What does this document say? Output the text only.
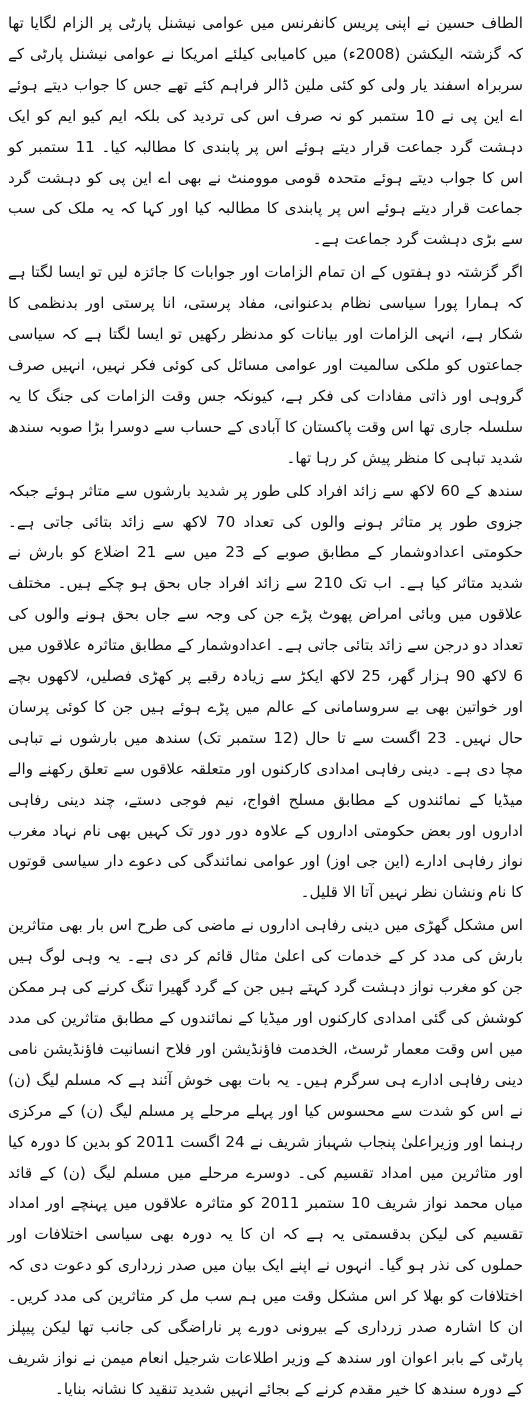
الطاف حسین نے اپنی پریس کانفرنس میں عوامی نیشنل پارٹی پر الزام لگایا تھا کہ گزشتہ الیکشن (2008ء) میں کامیابی کیلئے امریکا نے عوامی نیشنل پارٹی کے سربراہ اسفند یار ولی کو کئی ملین ڈالر فراہم کئے تھے جس کا جواب دیتے ہوئے اے این پی نے 10 ستمبر کو نہ صرف اس کی تردید کی بلکہ ایم کیو ایم کو ایک دہشت گرد جماعت قرار دیتے ہوئے اس پر پابندی کا مطالبہ کیا۔ 11 ستمبر کو اس کا جواب دیتے ہوئے متحدہ قومی موومنٹ نے بھی اے این پی کو دہشت گرد جماعت قرار دیتے ہوئے اس پر پابندی کا مطالبہ کیا اور کہا کہ یہ ملک کی سب سے بڑی دہشت گرد جماعت ہے۔

اگر گزشتہ دو ہفتوں کے ان تمام الزامات اور جوابات کا جائزہ لیں تو ایسا لگتا ہے کہ ہمارا پورا سیاسی نظام بدعنوانی، مفاد پرستی، انا پرستی اور بدنظمی کا شکار ہے، انہی الزامات اور بیانات کو مدنظر رکھیں تو ایسا لگتا ہے کہ سیاسی جماعتوں کو ملکی سالمیت اور عوامی مسائل کی کوئی فکر نہیں، انہیں صرف گروہی اور ذاتی مفادات کی فکر ہے، کیونکہ جس وقت الزامات کی جنگ کا یہ سلسلہ جاری تھا اس وقت پاکستان کا آبادی کے حساب سے دوسرا بڑا صوبہ سندھ شدید تباہی کا منظر پیش کر رہا تھا۔

سندھ کے 60 لاکھ سے زائد افراد کلی طور پر شدید بارشوں سے متاثر ہوئے جبکہ جزوی طور پر متاثر ہونے والوں کی تعداد 70 لاکھ سے زائد بتائی جاتی ہے۔ حکومتی اعدادوشمار کے مطابق صوبے کے 23 میں سے 21 اضلاع کو بارش نے شدید متاثر کیا ہے۔ اب تک 210 سے زائد افراد جاں بحق ہو چکے ہیں۔ مختلف علاقوں میں وبائی امراض پھوٹ پڑے جن کی وجہ سے جاں بحق ہونے والوں کی تعداد دو درجن سے زائد بتائی جاتی ہے۔ اعدادوشمار کے مطابق متاثرہ علاقوں میں 6 لاکھ 90 ہزار گھر، 25 لاکھ ایکڑ سے زیادہ رقبے پر کھڑی فصلیں، لاکھوں بچے اور خواتین بھی بے سروسامانی کے عالم میں پڑے ہوئے ہیں جن کا کوئی پرسان حال نہیں۔ 23 اگست سے تا حال (12 ستمبر تک) سندھ میں بارشوں نے تباہی مچا دی ہے۔ دینی رفاہی امدادی کارکنوں اور متعلقہ علاقوں سے تعلق رکھنے والے میڈیا کے نمائندوں کے مطابق مسلح افواج، نیم فوجی دستے، چند دینی رفاہی اداروں اور بعض حکومتی اداروں کے علاوہ دور دور تک کہیں بھی نام نہاد مغرب نواز رفاہی ادارے (این جی اوز) اور عوامی نمائندگی کی دعوے دار سیاسی قوتوں کا نام ونشان نظر نہیں آتا الا قلیل۔

اس مشکل گھڑی میں دینی رفاہی اداروں نے ماضی کی طرح اس بار بھی متاثرین بارش کی مدد کر کے خدمات کی اعلیٰ مثال قائم کر دی ہے۔ یہ وہی لوگ ہیں جن کو مغرب نواز دہشت گرد کہتے ہیں جن کے گرد گھیرا تنگ کرنے کی ہر ممکن کوشش کی گئی امدادی کارکنوں اور میڈیا کے نمائندوں کے مطابق متاثرین کی مدد میں اس وقت معمار ٹرسٹ، الخدمت فاؤنڈیشن اور فلاح انسانیت فاؤنڈیشن نامی دینی رفاہی ادارے ہی سرگرم ہیں۔ یہ بات بھی خوش آئند ہے کہ مسلم لیگ (ن) نے اس کو شدت سے محسوس کیا اور پہلے مرحلے پر مسلم لیگ (ن) کے مرکزی رہنما اور وزیراعلیٰ پنجاب شہباز شریف نے 24 اگست 2011 کو بدین کا دورہ کیا اور متاثرین میں امداد تقسیم کی۔ دوسرے مرحلے میں مسلم لیگ (ن) کے قائد میاں محمد نواز شریف 10 ستمبر 2011 کو متاثرہ علاقوں میں پہنچے اور امداد تقسیم کی لیکن بدقسمتی یہ ہے کہ ان کا یہ دورہ بھی سیاسی اختلافات اور حملوں کی نذر ہو گیا۔ انہوں نے اپنے ایک بیان میں صدر زرداری کو دعوت دی کہ اختلافات کو بھلا کر اس مشکل وقت میں ہم سب مل کر متاثرین کی مدد کریں۔ ان کا اشارہ صدر زرداری کے بیرونی دورے پر ناراضگی کی جانب تھا لیکن پیپلز پارٹی کے بابر اعوان اور سندھ کے وزیر اطلاعات شرجیل انعام میمن نے نواز شریف کے دورہ سندھ کا خیر مقدم کرنے کے بجائے انہیں شدید تنقید کا نشانہ بنایا۔
